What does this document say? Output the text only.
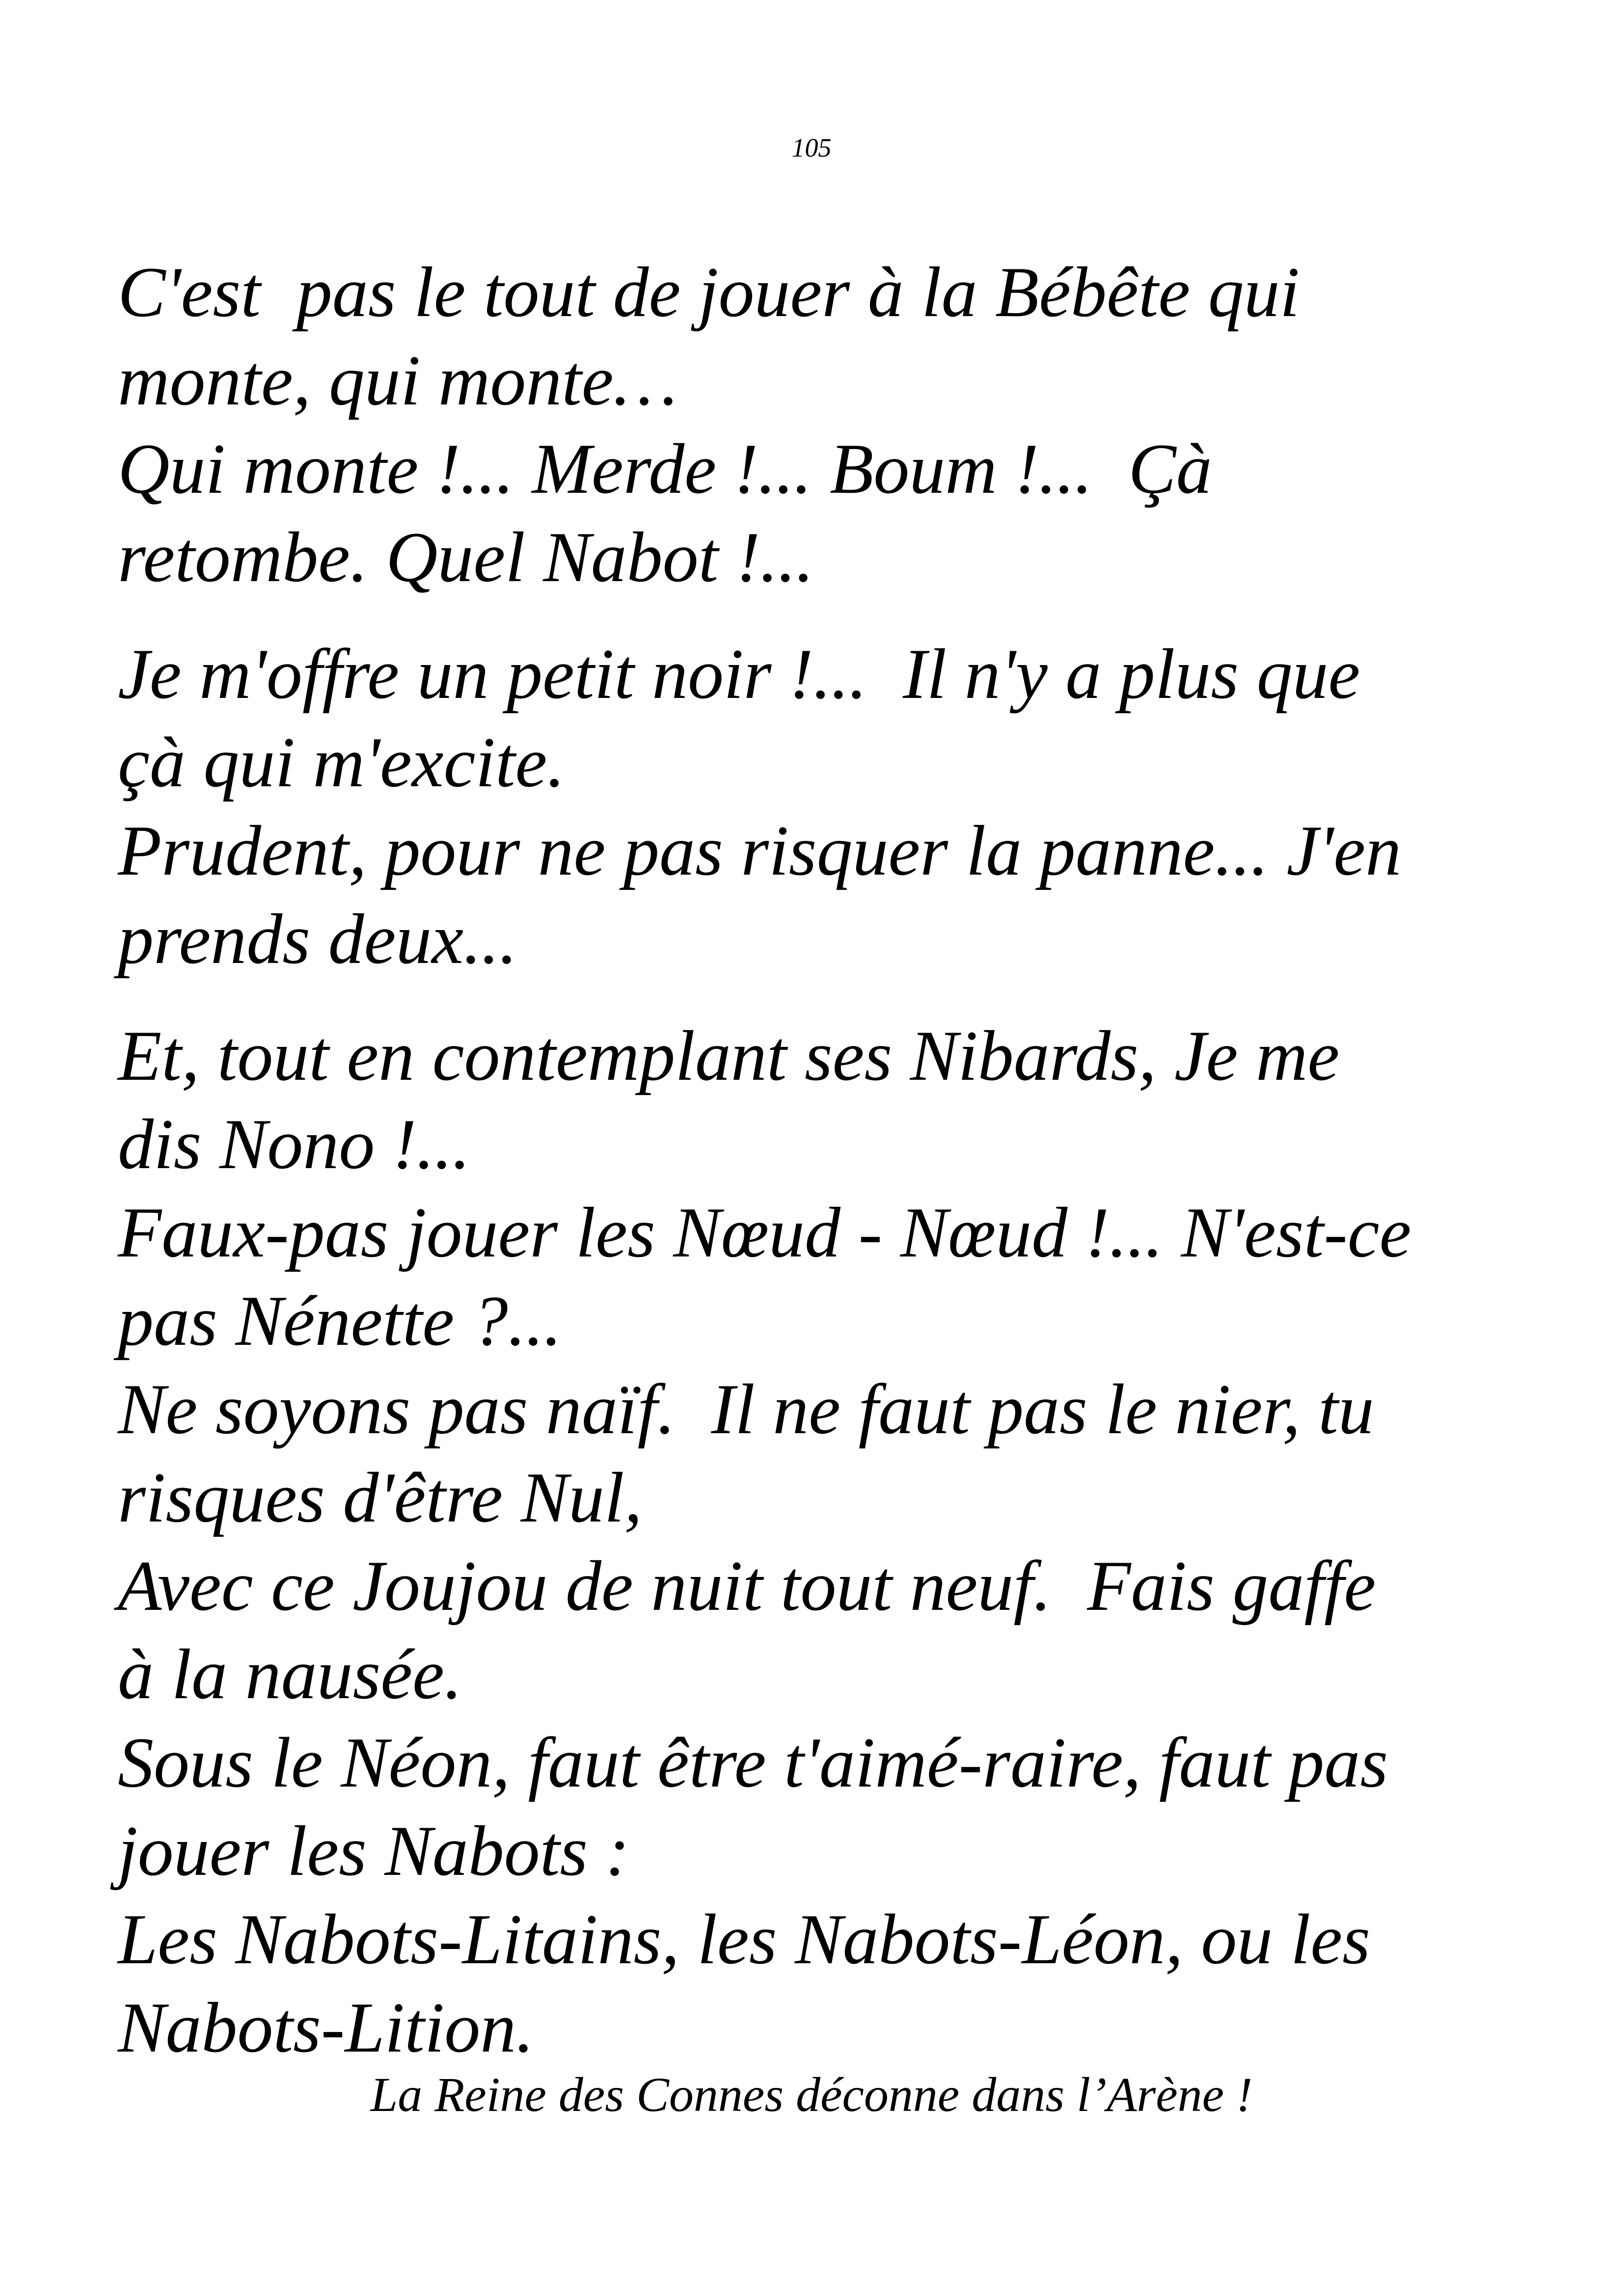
105
C'est  pas le tout de jouer à la Bébête qui
monte, qui monte…
Qui monte !... Merde !... Boum !...  Çà
retombe. Quel Nabot !...
Je m'offre un petit noir !...  Il n'y a plus que
çà qui m'excite.
Prudent, pour ne pas risquer la panne... J'en
prends deux...
Et, tout en contemplant ses Nibards, Je me
dis Nono !...
Faux-pas jouer les Nœud - Nœud !... N'est-ce
pas Nénette ?...
Ne soyons pas naïf.  Il ne faut pas le nier, tu
risques d'être Nul,
Avec ce Joujou de nuit tout neuf.  Fais gaffe
à la nausée.
Sous le Néon, faut être t'aimé-raire, faut pas
jouer les Nabots :
Les Nabots-Litains, les Nabots-Léon, ou les
Nabots-Lition.
La Reine des Connes déconne dans l’Arène !
